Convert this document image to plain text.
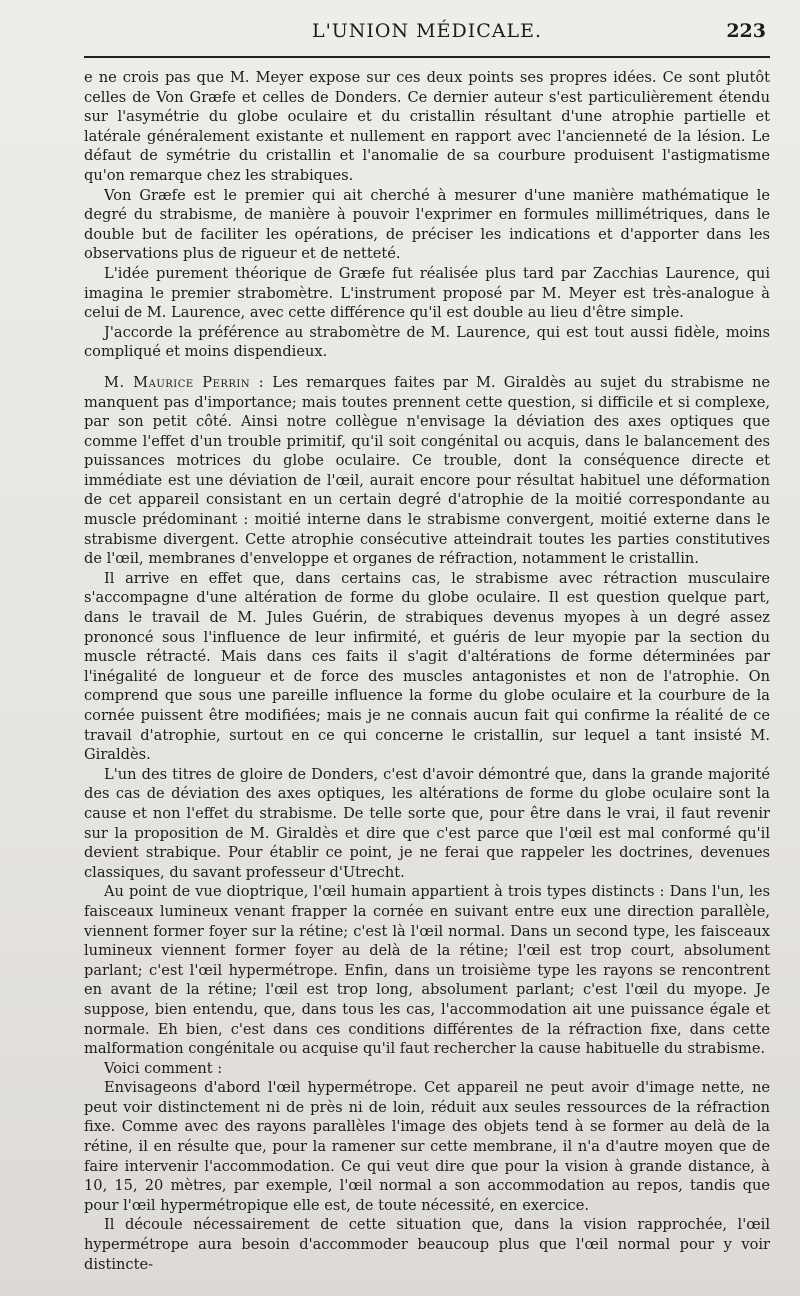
L'UNION MÉDICALE.	223

e ne crois pas que M. Meyer expose sur ces deux points ses propres idées. Ce sont plutôt celles de Von Græfe et celles de Donders. Ce dernier auteur s'est particulièrement étendu sur l'asymétrie du globe oculaire et du cristallin résultant d'une atrophie partielle et latérale généralement existante et nullement en rapport avec l'ancienneté de la lésion. Le défaut de symétrie du cristallin et l'anomalie de sa courbure produisent l'astigmatisme qu'on remarque chez les strabiques.

Von Græfe est le premier qui ait cherché à mesurer d'une manière mathématique le degré du strabisme, de manière à pouvoir l'exprimer en formules millimétriques, dans le double but de faciliter les opérations, de préciser les indications et d'apporter dans les observations plus de rigueur et de netteté.

L'idée purement théorique de Græfe fut réalisée plus tard par Zacchias Laurence, qui imagina le premier strabomètre. L'instrument proposé par M. Meyer est très-analogue à celui de M. Laurence, avec cette différence qu'il est double au lieu d'être simple.

J'accorde la préférence au strabomètre de M. Laurence, qui est tout aussi fidèle, moins compliqué et moins dispendieux.

M. Maurice Perrin : Les remarques faites par M. Giraldès au sujet du strabisme ne manquent pas d'importance; mais toutes prennent cette question, si difficile et si complexe, par son petit côté. Ainsi notre collègue n'envisage la déviation des axes optiques que comme l'effet d'un trouble primitif, qu'il soit congénital ou acquis, dans le balancement des puissances motrices du globe oculaire. Ce trouble, dont la conséquence directe et immédiate est une déviation de l'œil, aurait encore pour résultat habituel une déformation de cet appareil consistant en un certain degré d'atrophie de la moitié correspondante au muscle prédominant : moitié interne dans le strabisme convergent, moitié externe dans le strabisme divergent. Cette atrophie consécutive atteindrait toutes les parties constitutives de l'œil, membranes d'enveloppe et organes de réfraction, notamment le cristallin.

Il arrive en effet que, dans certains cas, le strabisme avec rétraction musculaire s'accompagne d'une altération de forme du globe oculaire. Il est question quelque part, dans le travail de M. Jules Guérin, de strabiques devenus myopes à un degré assez prononcé sous l'influence de leur infirmité, et guéris de leur myopie par la section du muscle rétracté. Mais dans ces faits il s'agit d'altérations de forme déterminées par l'inégalité de longueur et de force des muscles antagonistes et non de l'atrophie. On comprend que sous une pareille influence la forme du globe oculaire et la courbure de la cornée puissent être modifiées; mais je ne connais aucun fait qui confirme la réalité de ce travail d'atrophie, surtout en ce qui concerne le cristallin, sur lequel a tant insisté M. Giraldès.

L'un des titres de gloire de Donders, c'est d'avoir démontré que, dans la grande majorité des cas de déviation des axes optiques, les altérations de forme du globe oculaire sont la cause et non l'effet du strabisme. De telle sorte que, pour être dans le vrai, il faut revenir sur la proposition de M. Giraldès et dire que c'est parce que l'œil est mal conformé qu'il devient strabique. Pour établir ce point, je ne ferai que rappeler les doctrines, devenues classiques, du savant professeur d'Utrecht.

Au point de vue dioptrique, l'œil humain appartient à trois types distincts : Dans l'un, les faisceaux lumineux venant frapper la cornée en suivant entre eux une direction parallèle, viennent former foyer sur la rétine; c'est là l'œil normal. Dans un second type, les faisceaux lumineux viennent former foyer au delà de la rétine; l'œil est trop court, absolument parlant; c'est l'œil hypermétrope. Enfin, dans un troisième type les rayons se rencontrent en avant de la rétine; l'œil est trop long, absolument parlant; c'est l'œil du myope. Je suppose, bien entendu, que, dans tous les cas, l'accommodation ait une puissance égale et normale. Eh bien, c'est dans ces conditions différentes de la réfraction fixe, dans cette malformation congénitale ou acquise qu'il faut rechercher la cause habituelle du strabisme.

Voici comment :

Envisageons d'abord l'œil hypermétrope. Cet appareil ne peut avoir d'image nette, ne peut voir distinctement ni de près ni de loin, réduit aux seules ressources de la réfraction fixe. Comme avec des rayons parallèles l'image des objets tend à se former au delà de la rétine, il en résulte que, pour la ramener sur cette membrane, il n'a d'autre moyen que de faire intervenir l'accommodation. Ce qui veut dire que pour la vision à grande distance, à 10, 15, 20 mètres, par exemple, l'œil normal a son accommodation au repos, tandis que pour l'œil hypermétropique elle est, de toute nécessité, en exercice.

Il découle nécessairement de cette situation que, dans la vision rapprochée, l'œil hypermétrope aura besoin d'accommoder beaucoup plus que l'œil normal pour y voir distincte-
